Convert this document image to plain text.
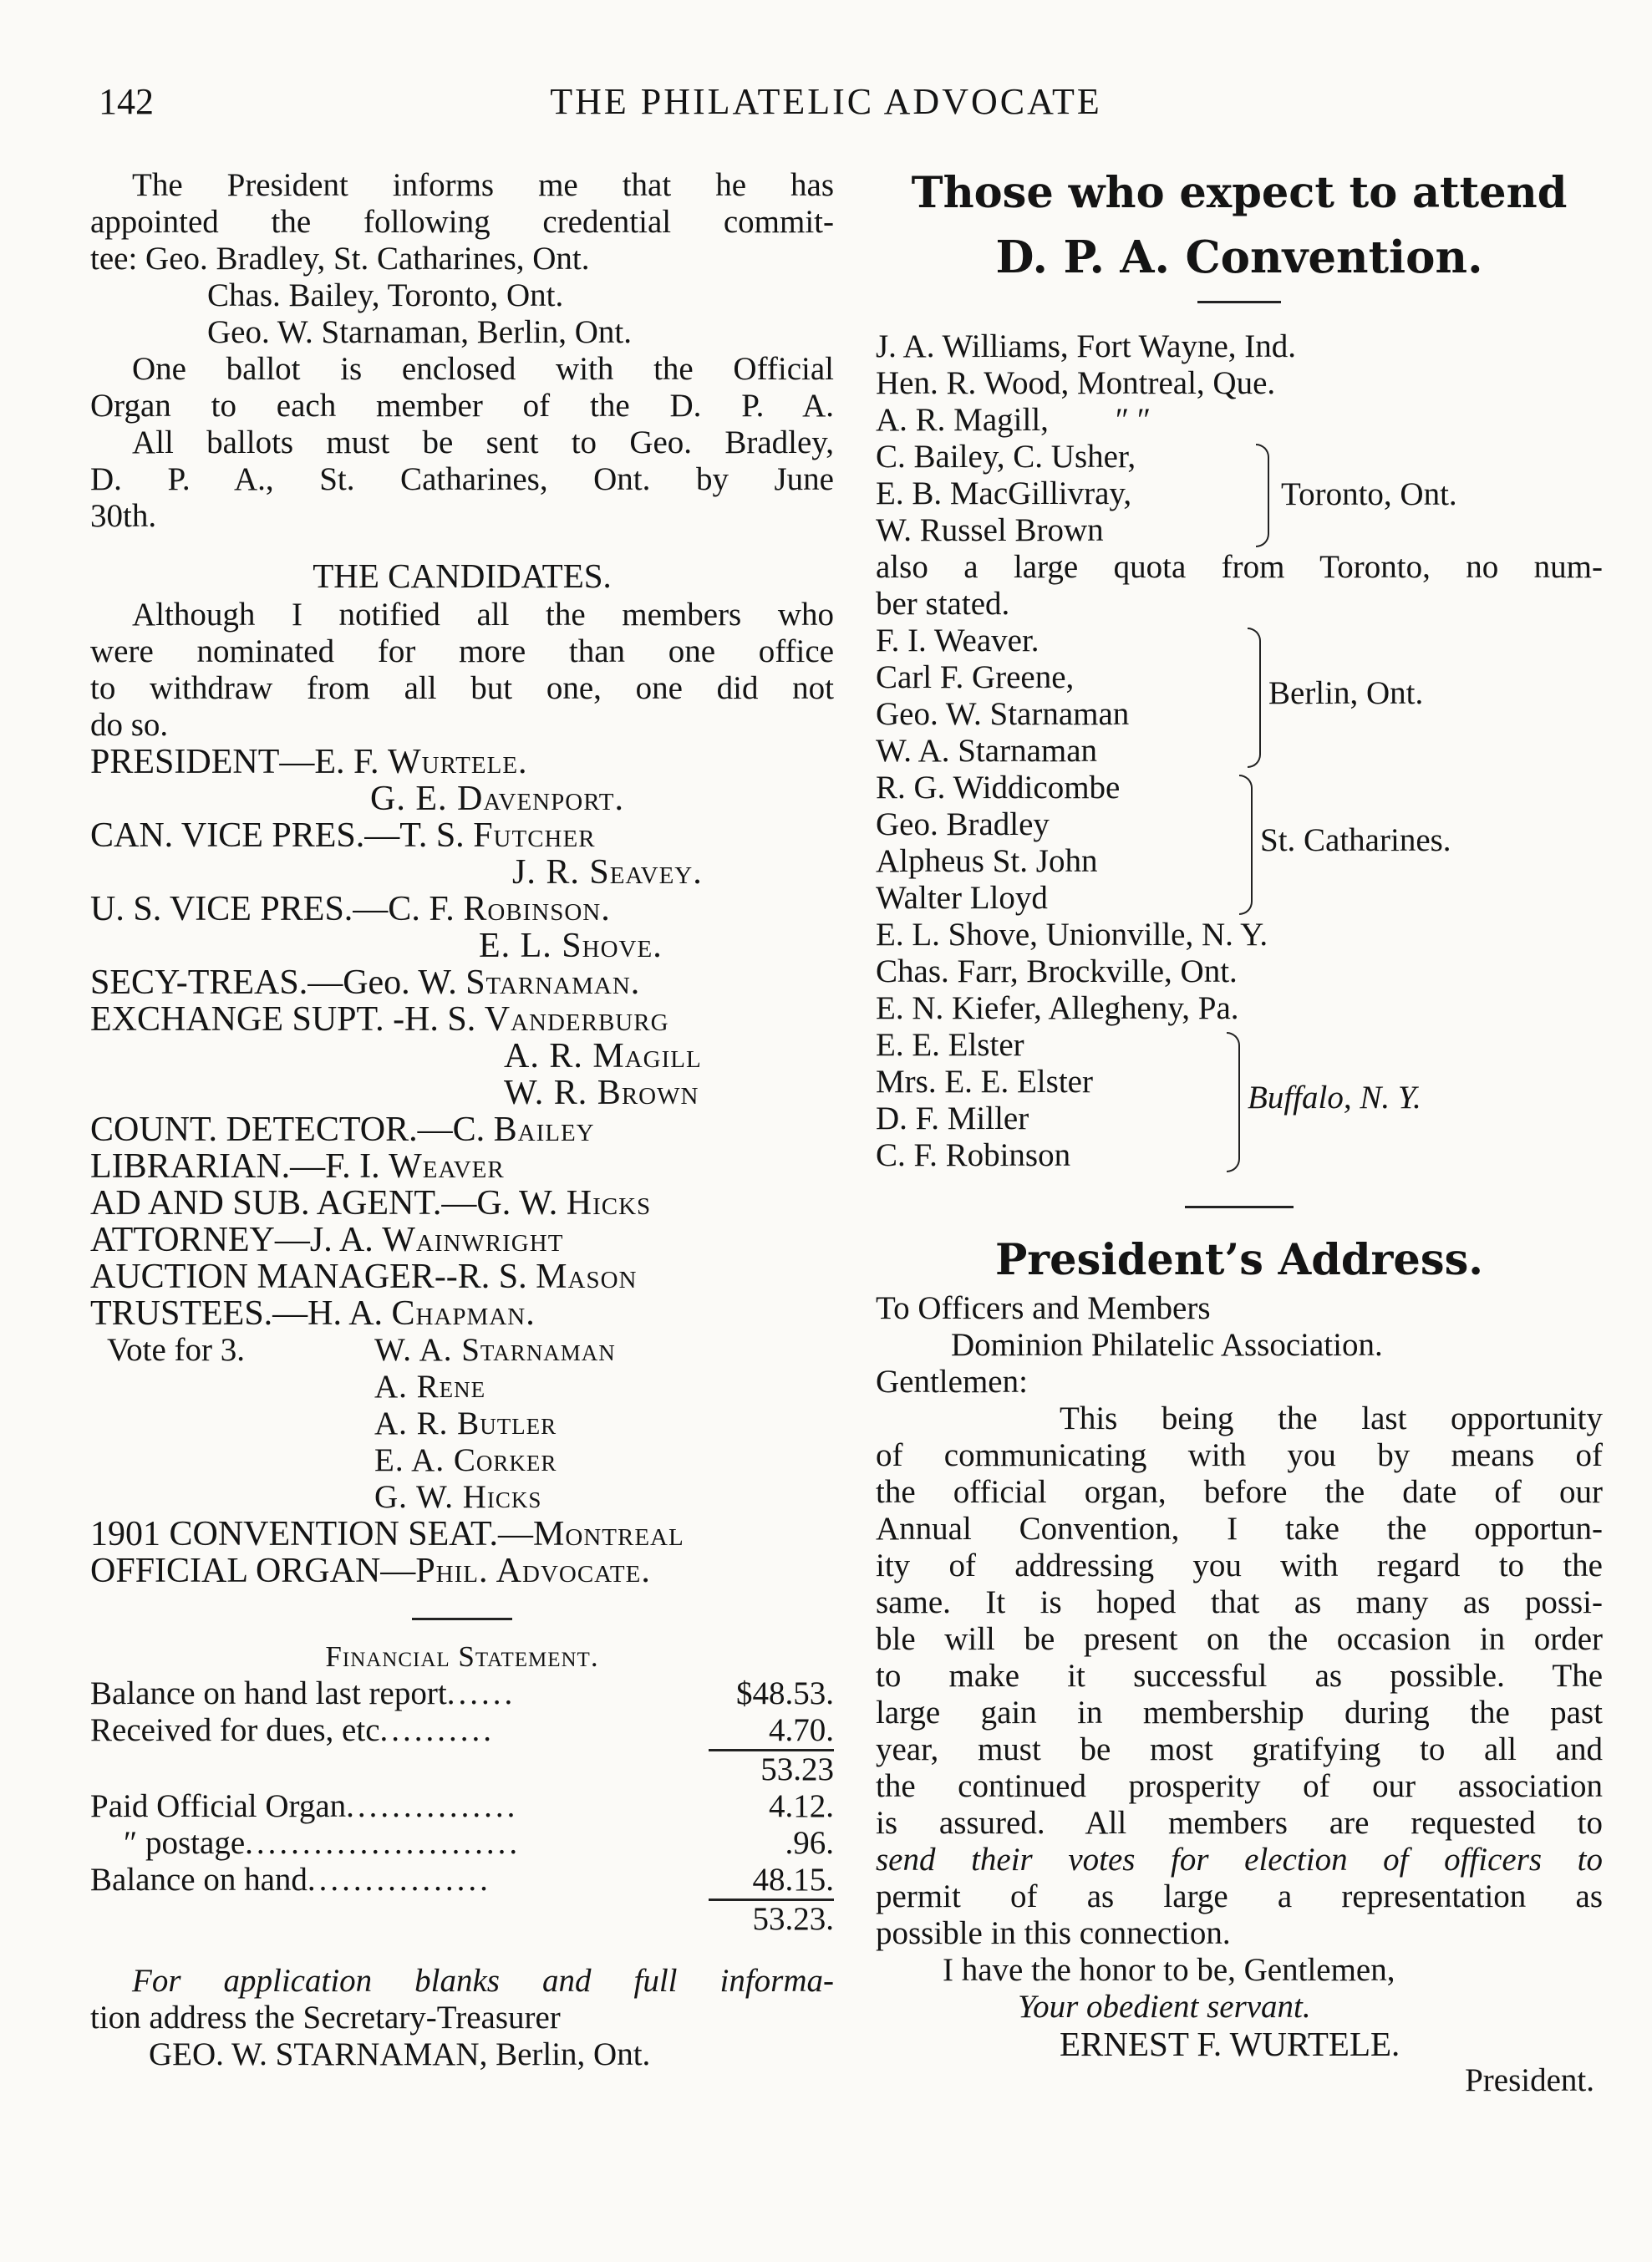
142	THE PHILATELIC ADVOCATE
The President informs me that he has
appointed the following credential commit-
tee: Geo. Bradley, St. Catharines, Ont.
Chas. Bailey, Toronto, Ont.
Geo. W. Starnaman, Berlin, Ont.
One ballot is enclosed with the Official
Organ to each member of the D. P. A.
All ballots must be sent to Geo. Bradley,
D. P. A., St. Catharines, Ont. by June
30th.
THE CANDIDATES.
Although I notified all the members who
were nominated for more than one office
to withdraw from all but one, one did not
do so.
PRESIDENT—E. F. Wurtele.
G. E. Davenport.
CAN. VICE PRES.—T. S. Futcher
J. R. Seavey.
U. S. VICE PRES.—C. F. Robinson.
E. L. Shove.
SECY-TREAS.—Geo. W. Starnaman.
EXCHANGE SUPT. -H. S. Vanderburg
A. R. Magill
W. R. Brown
COUNT. DETECTOR.—C. Bailey
LIBRARIAN.—F. I. Weaver
AD AND SUB. AGENT.—G. W. Hicks
ATTORNEY—J. A. Wainwright
AUCTION MANAGER--R. S. Mason
TRUSTEES.—H. A. Chapman.
Vote for 3.	W. A. Starnaman
A. Rene
A. R. Butler
E. A. Corker
G. W. Hicks
1901 CONVENTION SEAT.—Montreal
OFFICIAL ORGAN—Phil. Advocate.
Financial Statement.
Balance on hand last report......	$48.53.
Received for dues, etc..........	4.70.
53.23
Paid Official Organ...............	4.12.
″ postage........................	.96.
Balance on hand................	48.15.
53.23.
For application blanks and full informa-
tion address the Secretary-Treasurer
GEO. W. STARNAMAN, Berlin, Ont.
Those who expect to attend
D. P. A. Convention.
J. A. Williams, Fort Wayne, Ind.
Hen. R. Wood, Montreal, Que.
A. R. Magill, ″ ″
C. Bailey, C. Usher,
E. B. MacGillivray,
W. Russel Brown
Toronto, Ont.
also a large quota from Toronto, no num-
ber stated.
F. I. Weaver.
Carl F. Greene,
Geo. W. Starnaman
W. A. Starnaman
Berlin, Ont.
R. G. Widdicombe
Geo. Bradley
Alpheus St. John
Walter Lloyd
St. Catharines.
E. L. Shove, Unionville, N. Y.
Chas. Farr, Brockville, Ont.
E. N. Kiefer, Allegheny, Pa.
E. E. Elster
Mrs. E. E. Elster
D. F. Miller
C. F. Robinson
Buffalo, N. Y.
President’s Address.
To Officers and Members
Dominion Philatelic Association.
Gentlemen:
This being the last opportunity
of communicating with you by means of
the official organ, before the date of our
Annual Convention, I take the opportun-
ity of addressing you with regard to the
same. It is hoped that as many as possi-
ble will be present on the occasion in order
to make it successful as possible. The
large gain in membership during the past
year, must be most gratifying to all and
the continued prosperity of our association
is assured. All members are requested to
send their votes for election of officers to
permit of as large a representation as
possible in this connection.
I have the honor to be, Gentlemen,
Your obedient servant.
ERNEST F. WURTELE.
President.
